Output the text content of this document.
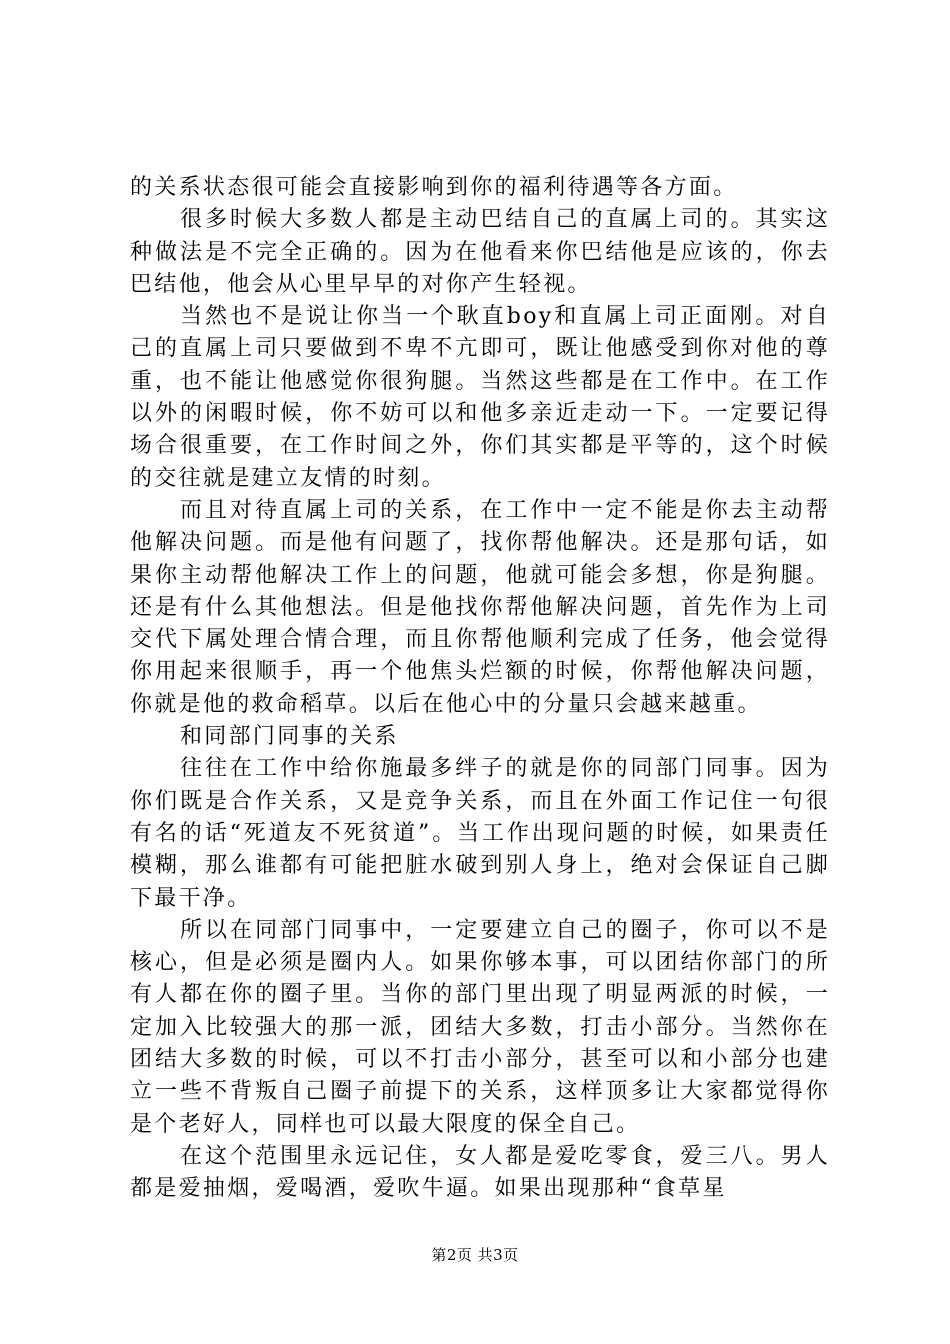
的关系状态很可能会直接影响到你的福利待遇等各方面。

很多时候大多数人都是主动巴结自己的直属上司的。其实这种做法是不完全正确的。因为在他看来你巴结他是应该的，你去巴结他，他会从心里早早的对你产生轻视。

当然也不是说让你当一个耿直boy和直属上司正面刚。对自己的直属上司只要做到不卑不亢即可，既让他感受到你对他的尊重，也不能让他感觉你很狗腿。当然这些都是在工作中。在工作以外的闲暇时候，你不妨可以和他多亲近走动一下。一定要记得场合很重要，在工作时间之外，你们其实都是平等的，这个时候的交往就是建立友情的时刻。

而且对待直属上司的关系，在工作中一定不能是你去主动帮他解决问题。而是他有问题了，找你帮他解决。还是那句话，如果你主动帮他解决工作上的问题，他就可能会多想，你是狗腿。还是有什么其他想法。但是他找你帮他解决问题，首先作为上司交代下属处理合情合理，而且你帮他顺利完成了任务，他会觉得你用起来很顺手，再一个他焦头烂额的时候，你帮他解决问题，你就是他的救命稻草。以后在他心中的分量只会越来越重。

和同部门同事的关系

往往在工作中给你施最多绊子的就是你的同部门同事。因为你们既是合作关系，又是竞争关系，而且在外面工作记住一句很有名的话“死道友不死贫道”。当工作出现问题的时候，如果责任模糊，那么谁都有可能把脏水破到别人身上，绝对会保证自己脚下最干净。

所以在同部门同事中，一定要建立自己的圈子，你可以不是核心，但是必须是圈内人。如果你够本事，可以团结你部门的所有人都在你的圈子里。当你的部门里出现了明显两派的时候，一定加入比较强大的那一派，团结大多数，打击小部分。当然你在团结大多数的时候，可以不打击小部分，甚至可以和小部分也建立一些不背叛自己圈子前提下的关系，这样顶多让大家都觉得你是个老好人，同样也可以最大限度的保全自己。

在这个范围里永远记住，女人都是爱吃零食，爱三八。男人都是爱抽烟，爱喝酒，爱吹牛逼。如果出现那种“食草星

第2页 共3页
